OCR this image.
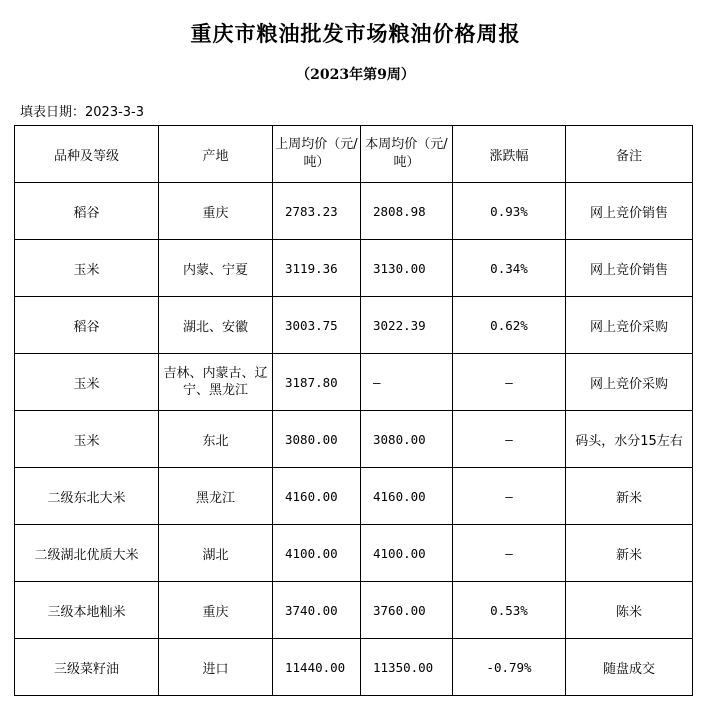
重庆市粮油批发市场粮油价格周报
（2023年第9周）
填表日期：2023-3-3
品种及等级	产地	上周均价（元/吨）	本周均价（元/吨）	涨跌幅	备注
稻谷	重庆	2783.23	2808.98	0.93%	网上竞价销售
玉米	内蒙、宁夏	3119.36	3130.00	0.34%	网上竞价销售
稻谷	湖北、安徽	3003.75	3022.39	0.62%	网上竞价采购
玉米	吉林、内蒙古、辽宁、黑龙江	3187.80	—	—	网上竞价采购
玉米	东北	3080.00	3080.00	—	码头，水分15左右
二级东北大米	黑龙江	4160.00	4160.00	—	新米
二级湖北优质大米	湖北	4100.00	4100.00	—	新米
三级本地籼米	重庆	3740.00	3760.00	0.53%	陈米
三级菜籽油	进口	11440.00	11350.00	-0.79%	随盘成交
